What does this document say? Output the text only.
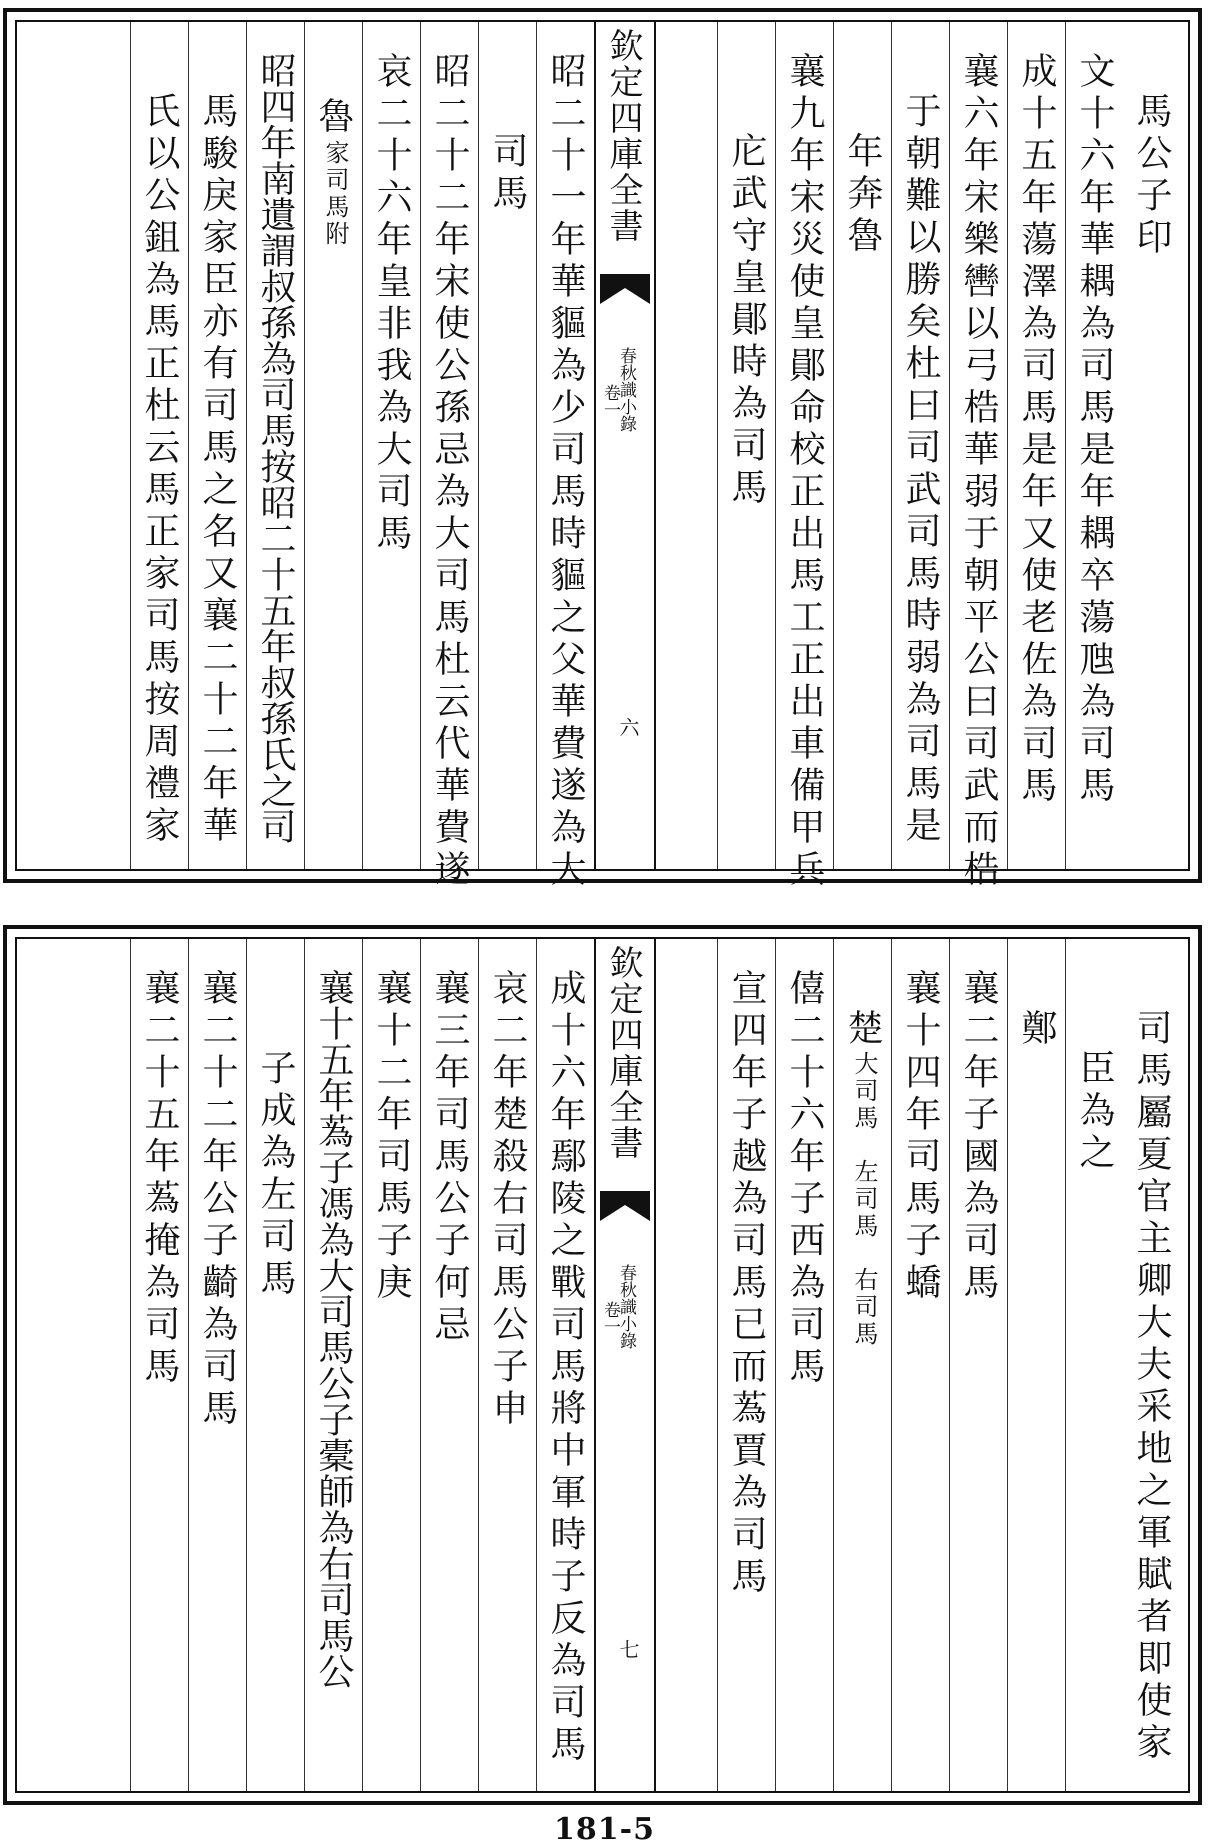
馬公子印
文十六年華耦為司馬是年耦卒蕩虺為司馬
成十五年蕩澤為司馬是年又使老佐為司馬
襄六年宋樂轡以弓梏華弱于朝平公曰司武而梏
于朝難以勝矣杜曰司武司馬時弱為司馬是
年奔魯
襄九年宋災使皇鄖命校正出馬工正出車備甲兵
庀武守皇鄖時為司馬
欽定四庫全書
春秋識小錄
卷一
六
昭二十一年華貙為少司馬時貙之父華費遂為大
司馬
昭二十二年宋使公孫忌為大司馬杜云代華費遂
哀二十六年皇非我為大司馬
魯
家司馬附
昭四年南遺謂叔孫為司馬按昭二十五年叔孫氏之司
馬駿戾家臣亦有司馬之名又襄二十二年華
氏以公鉏為馬正杜云馬正家司馬按周禮家
司馬屬夏官主卿大夫采地之軍賦者即使家
臣為之
鄭
襄二年子國為司馬
襄十四年司馬子蟜
楚
大司馬　左司馬　右司馬
僖二十六年子西為司馬
宣四年子越為司馬已而蒍賈為司馬
欽定四庫全書
春秋識小錄
卷一
七
成十六年鄢陵之戰司馬將中軍時子反為司馬
哀二年楚殺右司馬公子申
襄三年司馬公子何忌
襄十二年司馬子庚
襄十五年蒍子馮為大司馬公子橐師為右司馬公
子成為左司馬
襄二十二年公子齮為司馬
襄二十五年蒍掩為司馬
181-5
